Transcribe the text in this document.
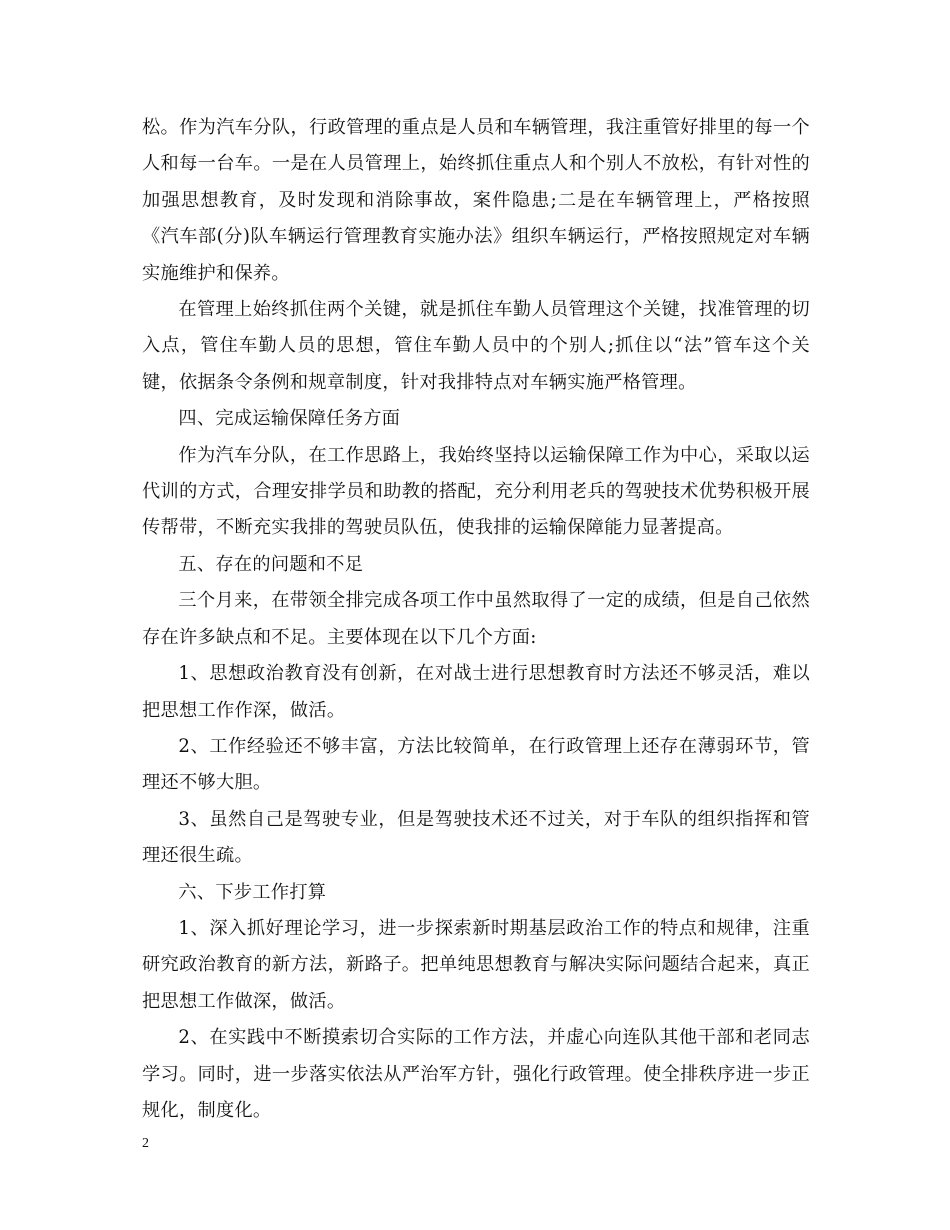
松。作为汽车分队，行政管理的重点是人员和车辆管理，我注重管好排里的每一个人和每一台车。一是在人员管理上，始终抓住重点人和个别人不放松，有针对性的加强思想教育，及时发现和消除事故，案件隐患;二是在车辆管理上，严格按照《汽车部(分)队车辆运行管理教育实施办法》组织车辆运行，严格按照规定对车辆实施维护和保养。

在管理上始终抓住两个关键，就是抓住车勤人员管理这个关键，找准管理的切入点，管住车勤人员的思想，管住车勤人员中的个别人;抓住以“法”管车这个关键，依据条令条例和规章制度，针对我排特点对车辆实施严格管理。

四、完成运输保障任务方面

作为汽车分队，在工作思路上，我始终坚持以运输保障工作为中心，采取以运代训的方式，合理安排学员和助教的搭配，充分利用老兵的驾驶技术优势积极开展传帮带，不断充实我排的驾驶员队伍，使我排的运输保障能力显著提高。

五、存在的问题和不足

三个月来，在带领全排完成各项工作中虽然取得了一定的成绩，但是自己依然存在许多缺点和不足。主要体现在以下几个方面:

1、思想政治教育没有创新，在对战士进行思想教育时方法还不够灵活，难以把思想工作作深，做活。

2、工作经验还不够丰富，方法比较简单，在行政管理上还存在薄弱环节，管理还不够大胆。

3、虽然自己是驾驶专业，但是驾驶技术还不过关，对于车队的组织指挥和管理还很生疏。

六、下步工作打算

1、深入抓好理论学习，进一步探索新时期基层政治工作的特点和规律，注重研究政治教育的新方法，新路子。把单纯思想教育与解决实际问题结合起来，真正把思想工作做深，做活。

2、在实践中不断摸索切合实际的工作方法，并虚心向连队其他干部和老同志学习。同时，进一步落实依法从严治军方针，强化行政管理。使全排秩序进一步正规化，制度化。

2
